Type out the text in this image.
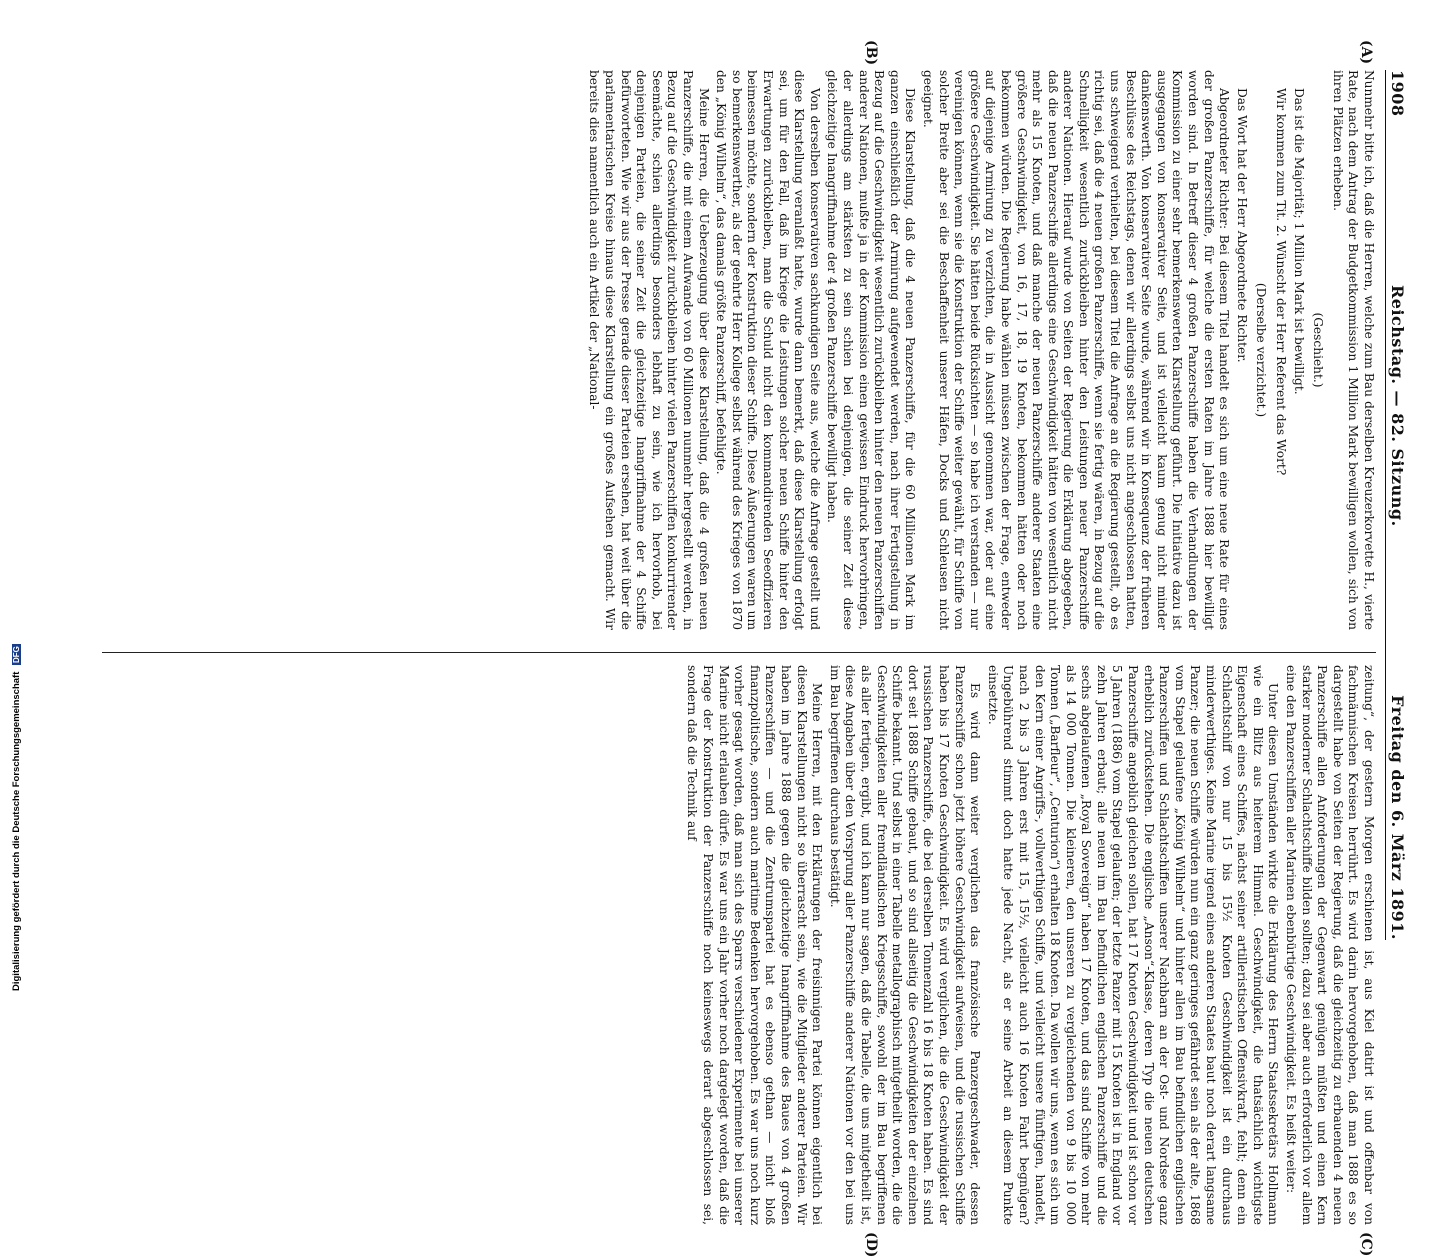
1908
Reichstag. — 82. Sitzung.
Freitag den 6. März 1891.
(A)
(B)
(C)
(D)

Nunmehr bitte ich, daß die Herren, welche zum Bau derselben Kreuzerkorvette H., vierte Rate, nach dem Antrag der Budgetkommission 1 Million Mark bewilligen wollen, sich von ihren Plätzen erheben.

(Geschieht.)

Das ist die Majorität; 1 Million Mark ist bewilligt.

Wir kommen zum Tit. 2. Wünscht der Herr Referent das Wort?

(Derselbe verzichtet.)

Das Wort hat der Herr Abgeordnete Richter.

Abgeordneter Richter: Bei diesem Titel handelt es sich um eine neue Rate für eines der großen Panzerschiffe, für welche die ersten Raten im Jahre 1888 hier bewilligt worden sind. In Betreff dieser 4 großen Panzerschiffe haben die Verhandlungen der Kommission zu einer sehr bemerkenswerten Klarstellung geführt. Die Initiative dazu ist ausgegangen von konservativer Seite, und ist vielleicht kaum genug nicht minder dankenswerth. Von konservativer Seite wurde, während wir in Konsequenz der früheren Beschlüsse des Reichstags, denen wir allerdings selbst uns nicht angeschlossen hatten, uns schweigend verhielten, bei diesem Titel die Anfrage an die Regierung gestellt, ob es richtig sei, daß die 4 neuen großen Panzerschiffe, wenn sie fertig wären, in Bezug auf die Schnelligkeit wesentlich zurückbleiben hinter den Leistungen neuer Panzerschiffe anderer Nationen. Hierauf wurde von Seiten der Regierung die Erklärung abgegeben, daß die neuen Panzerschiffe allerdings eine Geschwindigkeit hätten von wesentlich nicht mehr als 15 Knoten, und daß manche der neuen Panzerschiffe anderer Staaten eine größere Geschwindigkeit, von 16, 17, 18, 19 Knoten, bekommen hätten oder noch bekommen würden. Die Regierung habe wählen müssen zwischen der Frage, entweder auf diejenige Armirung zu verzichten, die in Aussicht genommen war, oder auf eine größere Geschwindigkeit. Sie hätten beide Rücksichten — so habe ich verstanden — nur vereinigen können, wenn sie die Konstruktion der Schiffe weiter gewählt, für Schiffe von solcher Breite aber sei die Beschaffenheit unserer Häfen, Docks und Schleusen nicht geeignet.

Diese Klarstellung, daß die 4 neuen Panzerschiffe, für die 60 Millionen Mark im ganzen einschließlich der Armirung aufgewendet werden, nach ihrer Fertigstellung in Bezug auf die Geschwindigkeit wesentlich zurückbleiben hinter den neuen Panzerschiffen anderer Nationen, mußte ja in der Kommission einen gewissen Eindruck hervorbringen, der allerdings am stärksten zu sein schien bei denjenigen, die seiner Zeit diese gleichzeitige Inangriffnahme der 4 großen Panzerschiffe bewilligt haben.

Von derselben konservativen sachkundigen Seite aus, welche die Anfrage gestellt und diese Klarstellung veranlaßt hatte, wurde dann bemerkt, daß diese Klarstellung erfolgt sei, um für den Fall, daß im Kriege die Leistungen solcher neuen Schiffe hinter den Erwartungen zurückbleiben, man die Schuld nicht den kommandirenden Seeoffizieren beimessen möchte, sondern der Konstruktion dieser Schiffe. Diese Äußerungen waren um so bemerkenswerther, als der geehrte Herr Kollege selbst während des Krieges von 1870 den „König Wilhelm“, das damals größte Panzerschiff, befehligte.

Meine Herren, die Ueberzeugung über diese Klarstellung, daß die 4 großen neuen Panzerschiffe, die mit einem Aufwande von 60 Millionen nunmehr hergestellt werden, in Bezug auf die Geschwindigkeit zurückbleiben hinter vielen Panzerschiffen konkurrirender Seemächte, schien allerdings besonders lebhaft zu sein, wie ich hervorhob, bei denjenigen Parteien, die seiner Zeit die gleichzeitige Inangriffnahme der 4 Schiffe befürworteten. Wie wir aus der Presse gerade dieser Parteien ersehen, hat weit über die parlamentarischen Kreise hinaus diese Klarstellung ein großes Aufsehen gemacht. Wir bereits dies namentlich auch ein Artikel der „National-

zeitung“, der gestern Morgen erschienen ist, aus Kiel datirt ist und offenbar von fachmännischen Kreisen herrührt. Es wird darin hervorgehoben, daß man 1888 es so dargestellt habe von Seiten der Regierung, daß die gleichzeitig zu erbauenden 4 neuen Panzerschiffe allen Anforderungen der Gegenwart genügen müßten und einen Kern starker moderner Schlachtschiffe bilden sollten; dazu sei aber auch erforderlich vor allem eine den Panzerschiffen aller Marinen ebenbürtige Geschwindigkeit. Es heißt weiter:

Unter diesen Umständen wirkte die Erklärung des Herrn Staatssekretärs Hollmann wie ein Blitz aus heiterem Himmel. Geschwindigkeit, die thatsächlich wichtigste Eigenschaft eines Schiffes, nächst seiner artilleristischen Offensivkraft, fehlt; denn ein Schlachtschiff von nur 15 bis 15½ Knoten Geschwindigkeit ist ein durchaus minderwerthiges. Keine Marine irgend eines anderen Staates baut noch derart langsame Panzer; die neuen Schiffe würden nun ein ganz geringes gefährdet sein als der alte, 1868 vom Stapel gelaufene „König Wilhelm“ und hinter allen im Bau befindlichen englischen Panzerschiffen und Schlachtschiffen unserer Nachbarn an der Ost- und Nordsee ganz erheblich zurückstehen. Die englische „Anson“-Klasse, deren Typ die neuen deutschen Panzerschiffe angeblich gleichen sollen, hat 17 Knoten Geschwindigkeit und ist schon vor 5 Jahren (1886) vom Stapel gelaufen; der letzte Panzer mit 15 Knoten ist in England vor zehn Jahren erbaut; alle neuen im Bau befindlichen englischen Panzerschiffe und die sechs abgelaufenen „Royal Sovereign“ haben 17 Knoten, und das sind Schiffe von mehr als 14 000 Tonnen. Die kleineren, den unseren zu vergleichenden von 9 bis 10 000 Tonnen („Barfleur“, „Centurion“) erhalten 18 Knoten. Da wollen wir uns, wenn es sich um den Kern einer Angriffs-, vollwerthigen Schiffe, und vielleicht unsere fünftigen, handelt, nach 2 bis 3 Jahren erst mit 15, 15½, vielleicht auch 16 Knoten Fahrt begnügen? Ungebührend stimmt doch hatte jede Nacht, als er seine Arbeit an diesem Punkte einsetzte.

Es wird dann weiter verglichen das französische Panzergeschwader, dessen Panzerschiffe schon jetzt höhere Geschwindigkeit aufweisen, und die russischen Schiffe haben bis 17 Knoten Geschwindigkeit. Es wird verglichen, die die Geschwindigkeit der russischen Panzerschiffe, die bei derselben Tonnenzahl 16 bis 18 Knoten haben. Es sind dort seit 1888 Schiffe gebaut, und so sind allseitig die Geschwindigkeiten der einzelnen Schiffe bekannt. Und selbst in einer Tabelle metallographisch mitgetheilt worden, die die Geschwindigkeiten aller fremdländischen Kriegsschiffe, sowohl der im Bau begriffenen als aller fertigen, ergibt, und ich kann nur sagen, daß die Tabelle, die uns mitgetheilt ist, diese Angaben über den Vorsprung aller Panzerschiffe anderer Nationen vor den bei uns im Bau begriffenen durchaus bestätigt.

Meine Herren, mit den Erklärungen der freisinnigen Partei können eigentlich bei diesen Klarstellungen nicht so überrascht sein, wie die Mitglieder anderer Parteien. Wir haben im Jahre 1888 gegen die gleichzeitige Inangriffnahme des Baues von 4 großen Panzerschiffen — und die Zentrumspartei hat es ebenso gethan — nicht bloß finanzpolitische, sondern auch maritime Bedenken hervorgehoben. Es war uns noch kurz vorher gesagt worden, daß man sich des Sparrs verschiedener Experimente bei unserer Marine nicht erlauben dürfe. Es war uns ein Jahr vorher noch dargelegt worden, daß die Frage der Konstruktion der Panzerschiffe noch keineswegs derart abgeschlossen sei, sondern daß die Technik auf

Digitalisierung gefördert durch die Deutsche Forschungsgemeinschaft DFG
